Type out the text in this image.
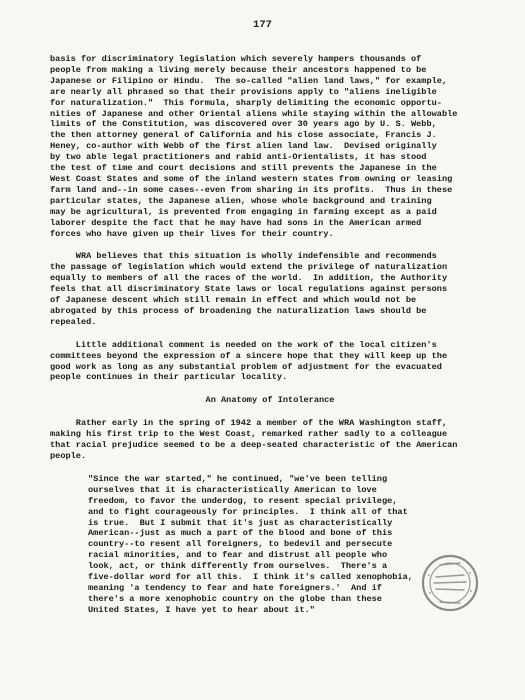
177

basis for discriminatory legislation which severely hampers thousands of
people from making a living merely because their ancestors happened to be
Japanese or Filipino or Hindu.  The so-called "alien land laws," for example,
are nearly all phrased so that their provisions apply to "aliens ineligible
for naturalization."  This formula, sharply delimiting the economic opportu-
nities of Japanese and other Oriental aliens while staying within the allowable
limits of the Constitution, was discovered over 30 years ago by U. S. Webb,
the then attorney general of California and his close associate, Francis J.
Heney, co-author with Webb of the first alien land law.  Devised originally
by two able legal practitioners and rabid anti-Orientalists, it has stood
the test of time and court decisions and still prevents the Japanese in the
West Coast States and some of the inland western states from owning or leasing
farm land and--in some cases--even from sharing in its profits.  Thus in these
particular states, the Japanese alien, whose whole background and training
may be agricultural, is prevented from engaging in farming except as a paid
laborer despite the fact that he may have had sons in the American armed
forces who have given up their lives for their country.

WRA believes that this situation is wholly indefensible and recommends
the passage of legislation which would extend the privilege of naturalization
equally to members of all the races of the world.  In addition, the Authority
feels that all discriminatory State laws or local regulations against persons
of Japanese descent which still remain in effect and which would not be
abrogated by this process of broadening the naturalization laws should be
repealed.

Little additional comment is needed on the work of the local citizen's
committees beyond the expression of a sincere hope that they will keep up the
good work as long as any substantial problem of adjustment for the evacuated
people continues in their particular locality.

An Anatomy of Intolerance

Rather early in the spring of 1942 a member of the WRA Washington staff,
making his first trip to the West Coast, remarked rather sadly to a colleague
that racial prejudice seemed to be a deep-seated characteristic of the American
people.

"Since the war started," he continued, "we've been telling
ourselves that it is characteristically American to love
freedom, to favor the underdog, to resent special privilege,
and to fight courageously for principles.  I think all of that
is true.  But I submit that it's just as characteristically
American--just as much a part of the blood and bone of this
country--to resent all foreigners, to bedevil and persecute
racial minorities, and to fear and distrust all people who
look, act, or think differently from ourselves.  There's a
five-dollar word for all this.  I think it's called xenophobia,
meaning 'a tendency to fear and hate foreigners.'  And if
there's a more xenophobic country on the globe than these
United States, I have yet to hear about it."
